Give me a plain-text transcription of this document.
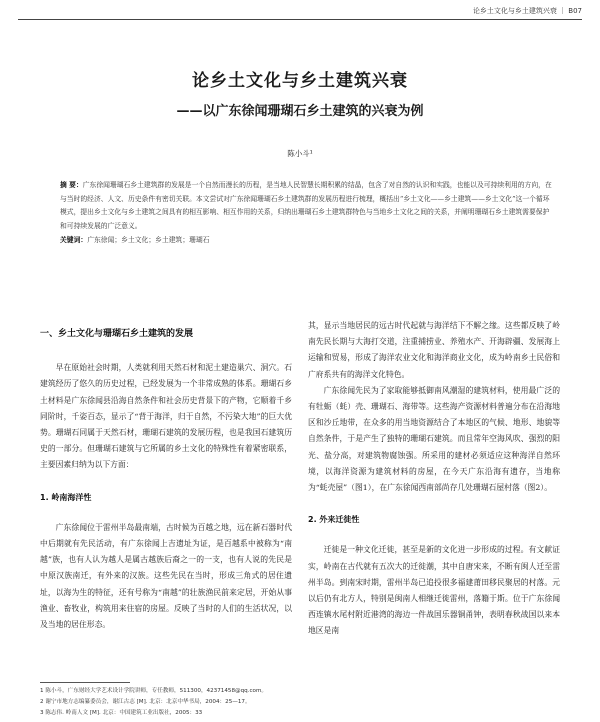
论乡土文化与乡土建筑兴衰 ｜ B07
论乡土文化与乡土建筑兴衰
——以广东徐闻珊瑚石乡土建筑的兴衰为例
陈小斗¹
摘 要：广东徐闻珊瑚石乡土建筑群的发展是一个自然而漫长的历程，是当地人民智慧长期积累的结晶，包含了对自然的认识和实践，也能以及可持续利用的方向，在与当时的经济、人文、历史条件有密切关联。本文尝试对广东徐闻珊瑚石乡土建筑群的发展历程进行梳理，概括出“乡土文化——乡土建筑——乡土文化”这一个循环模式，提出乡土文化与乡土建筑之间具有的相互影响、相互作用的关系，归纳出珊瑚石乡土建筑群特色与当地乡土文化之间的关系，并阐明珊瑚石乡土建筑需要保护和可持续发展的广泛意义。
关键词：广东徐闻；乡土文化；乡土建筑；珊瑚石
一、乡土文化与珊瑚石乡土建筑的发展

早在原始社会时期，人类就利用天然石材和泥土建造巢穴、洞穴。石建筑经历了悠久的历史过程，已经发展为一个非常成熟的体系。珊瑚石乡土材料是广东徐闻县沿海自然条件和社会历史背景下的产物，它顺着千乡同阶时，千姿百态，显示了“背于海洋，归于自然，不污染大地”的巨大优势。珊瑚石同属于天然石材，珊瑚石建筑的发展历程，也是我国石建筑历史的一部分。但珊瑚石建筑与它所属的乡土文化的特殊性有着紧密联系，主要因素归纳为以下方面：

1. 岭南海洋性

广东徐闻位于雷州半岛最南端，古时候为百越之地，远在新石器时代中后期就有先民活动，有广东徐闻上吉遗址为证，是百越系中被称为“南越”族，也有人认为越人是属古越族后裔之一的一支，也有人说的先民是中原汉族南迁，有外来的汉族。这些先民在当时，形成三角式的居住遗址，以海为生的特征，还有号称为“南越”的壮族渔民前来定居，开始从事渔业、畜牧业，构筑用来住宿的房屋。反映了当时的人们的生活状况，以及当地的居住形态。

其，显示当地居民的远古时代起就与海洋结下不解之缘。这些都反映了岭南先民长期与大海打交道，注重捕捞业、养殖水产、开海辟疆、发展海上运输和贸易，形成了海洋农业文化和海洋商业文化，成为岭南乡土民俗和广府系共有的海洋文化特色。

广东徐闻先民为了家取能够抵御南风潮湿的建筑材料，使用最广泛的有牡蛎（蚝）壳、珊瑚石、海带等。这些海产资源材料普遍分布在沿海地区和沙丘地带，在众多的用当地资源结合了本地区的气候、地形、地貌等自然条件，于是产生了独特的珊瑚石建筑。而且常年空海风吹、强烈的阳光、盐分高，对建筑物腐蚀强。所采用的建材必须适应这种海洋自然环境，以海洋资源为建筑材料的房屋，在今天广东沿海有遗存，当地称为“蚝壳屋”（图1），在广东徐闻西南部尚存几处珊瑚石屋村落（图2）。

2. 外来迁徙性

迁徙是一种文化迁徙，甚至是新的文化进一步形成的过程。有文献证实，岭南在古代就有五次大的迁徙潮，其中自唐宋来，不断有闽人迁至雷州半岛。到南宋时期，雷州半岛已追投很多福建莆田移民聚居的村落。元以后仍有北方人，特别是闽南人相继迁徙雷州，落籍于斯。位于广东徐闻西连镇水尾村附近港湾的海边一件战国乐器铜甬钟，表明春秋战国以来本地区是南

1 陈小斗，广东财经大学艺术设计学院讲师，专任教师，511300，42371458@qq.com。
2 谢宁市地方志编纂委员会，谢江古志 [M]. 北京：北京中华书局，2004：25—17。
3 陈志伟. 岭南人文 [M]. 北京：中国建筑工业出版社，2005：33
